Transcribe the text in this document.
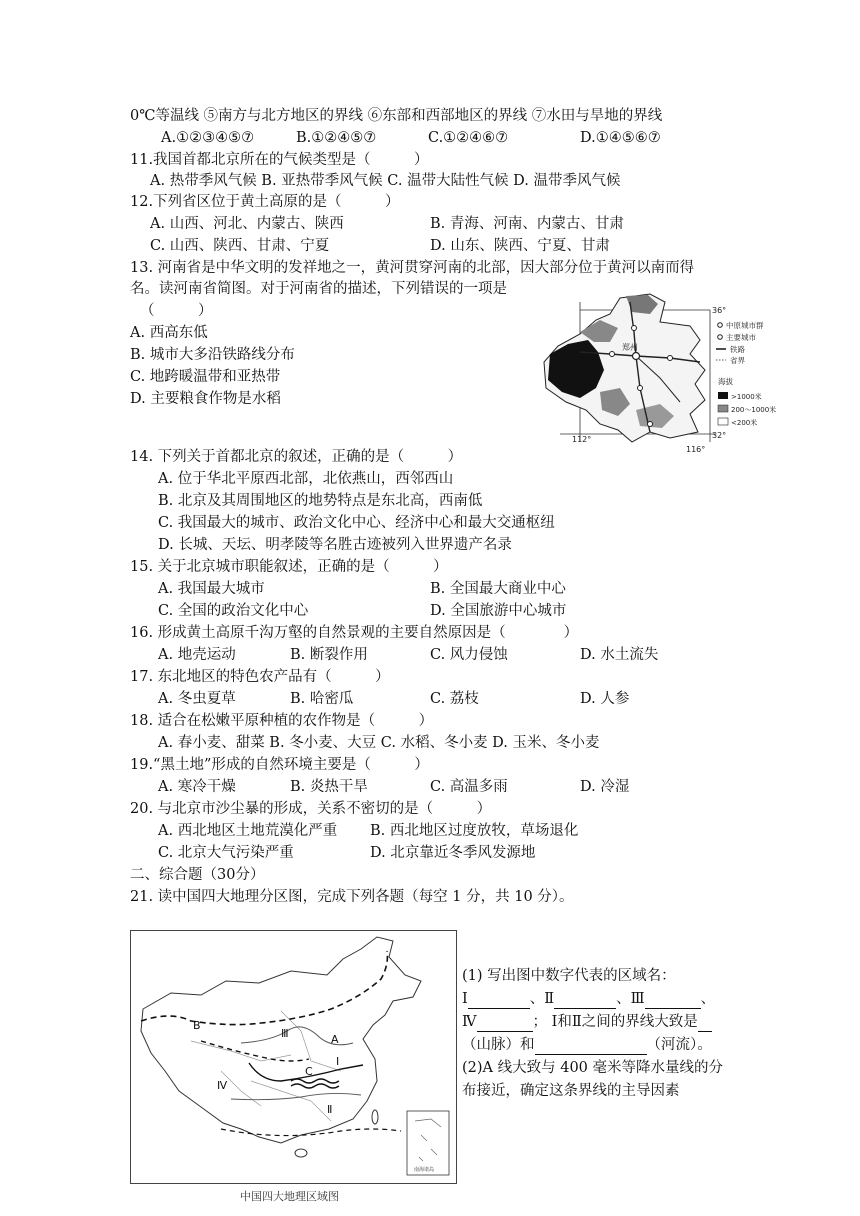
0℃等温线 ⑤南方与北方地区的界线 ⑥东部和西部地区的界线 ⑦水田与旱地的界线
A.①②③④⑤⑦	B.①②④⑤⑦	C.①②④⑥⑦	D.①④⑤⑥⑦
11.我国首都北京所在的气候类型是（　　　）
A. 热带季风气候 B. 亚热带季风气候 C. 温带大陆性气候 D. 温带季风气候
12.下列省区位于黄土高原的是（　　　）
A. 山西、河北、内蒙古、陕西	B. 青海、河南、内蒙古、甘肃
C. 山西、陕西、甘肃、宁夏	D. 山东、陕西、宁夏、甘肃
13. 河南省是中华文明的发祥地之一，黄河贯穿河南的北部，因大部分位于黄河以南而得
名。读河南省简图。对于河南省的描述，下列错误的一项是
（　　　）
A. 西高东低
B. 城市大多沿铁路线分布
C. 地跨暖温带和亚热带
D. 主要粮食作物是水稻
郑州
36°
32°
112°
116°
中原城市群
主要城市
铁路
省界
海拔
>1000米
200～1000米
<200米
14. 下列关于首都北京的叙述，正确的是（　　　）
A. 位于华北平原西北部，北依燕山，西邻西山
B. 北京及其周围地区的地势特点是东北高，西南低
C. 我国最大的城市、政治文化中心、经济中心和最大交通枢纽
D. 长城、天坛、明孝陵等名胜古迹被列入世界遗产名录
15. 关于北京城市职能叙述，正确的是（　　　）
A. 我国最大城市	B. 全国最大商业中心
C. 全国的政治文化中心	D. 全国旅游中心城市
16. 形成黄土高原千沟万壑的自然景观的主要自然原因是（　　　　）
A. 地壳运动	B. 断裂作用	C. 风力侵蚀	D. 水土流失
17. 东北地区的特色农产品有（　　　）
A. 冬虫夏草	B. 哈密瓜	C. 荔枝	D. 人参
18. 适合在松嫩平原种植的农作物是（　　　）
A. 春小麦、甜菜 B. 冬小麦、大豆 C. 水稻、冬小麦 D. 玉米、冬小麦
19.“黑土地”形成的自然环境主要是（　　　）
A. 寒冷干燥	B. 炎热干旱	C. 高温多雨	D. 冷湿
20. 与北京市沙尘暴的形成，关系不密切的是（　　　）
A. 西北地区土地荒漠化严重 B. 西北地区过度放牧，草场退化
C. 北京大气污染严重	D. 北京靠近冬季风发源地
二、综合题（30分）
21. 读中国四大地理分区图，完成下列各题（每空 1 分，共 10 分）。
B
Ⅲ	A
Ⅰ
C
Ⅳ
Ⅱ
南海诸岛
中国四大地理区域图
(1) 写出图中数字代表的区域名：
Ⅰ	、Ⅱ	、Ⅲ	、
Ⅳ	； Ⅰ和Ⅱ之间的界线大致是
（山脉）和	（河流）。
(2)A 线大致与 400 毫米等降水量线的分
布接近，确定这条界线的主导因素
